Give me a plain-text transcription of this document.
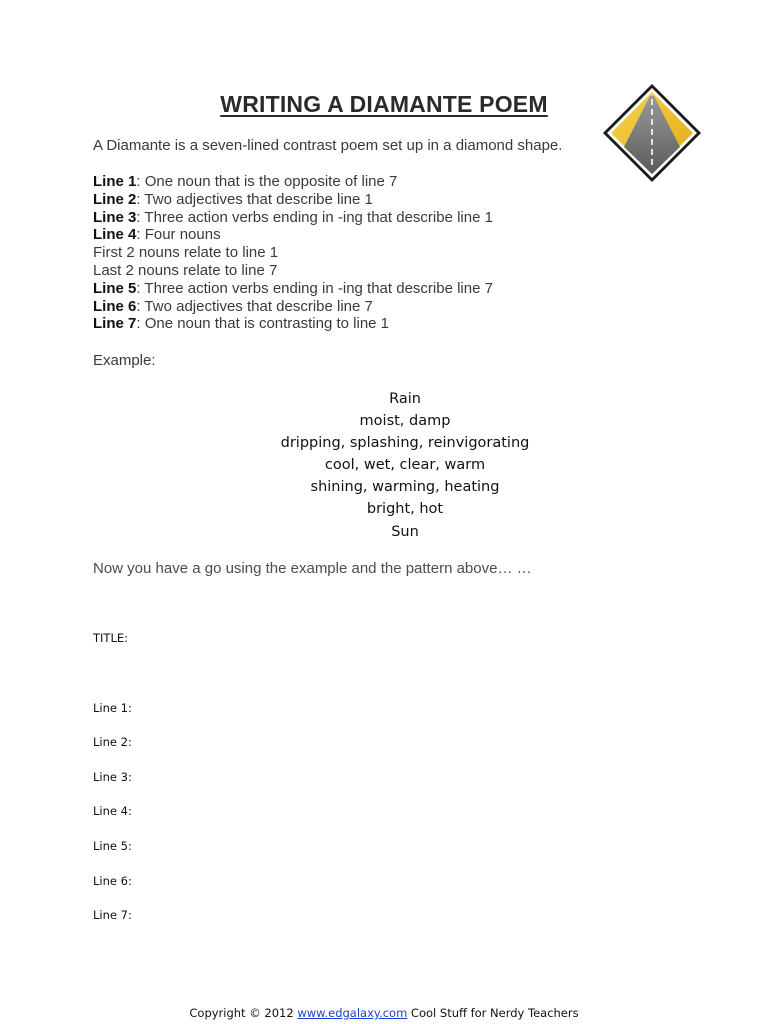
WRITING A DIAMANTE POEM
A Diamante is a seven-lined contrast poem set up in a diamond shape.
Line 1: One noun that is the opposite of line 7
Line 2: Two adjectives that describe line 1
Line 3: Three action verbs ending in -ing that describe line 1
Line 4: Four nouns
First 2 nouns relate to line 1
Last 2 nouns relate to line 7
Line 5: Three action verbs ending in -ing that describe line 7
Line 6: Two adjectives that describe line 7
Line 7: One noun that is contrasting to line 1
Example:
Rain
moist, damp
dripping, splashing, reinvigorating
cool, wet, clear, warm
shining, warming, heating
bright, hot
Sun
Now you have a go using the example and the pattern above… …
TITLE:
Line 1:
Line 2:
Line 3:
Line 4:
Line 5:
Line 6:
Line 7:
Copyright © 2012 www.edgalaxy.com Cool Stuff for Nerdy Teachers
